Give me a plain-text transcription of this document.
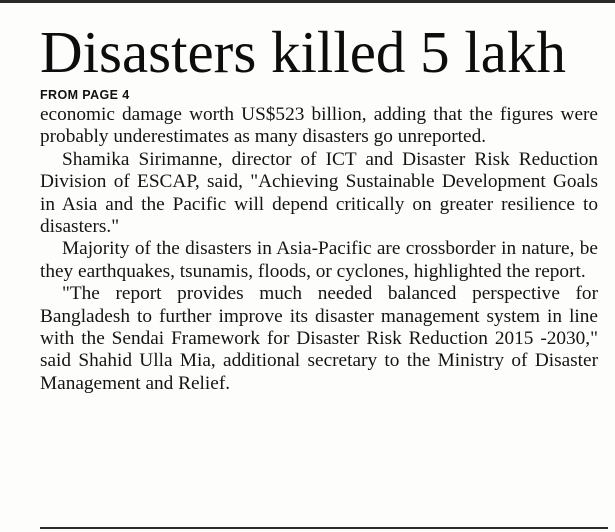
Disasters killed 5 lakh
FROM PAGE 4

economic damage worth US$523 billion, adding that the figures were probably underestimates as many disasters go unreported.

Shamika Sirimanne, director of ICT and Disaster Risk Reduction Division of ESCAP, said, "Achieving Sustainable Development Goals in Asia and the Pacific will depend critically on greater resilience to disasters."

Majority of the disasters in Asia-Pacific are crossborder in nature, be they earthquakes, tsunamis, floods, or cyclones, highlighted the report.

"The report provides much needed balanced perspective for Bangladesh to further improve its disaster management system in line with the Sendai Framework for Disaster Risk Reduction 2015 -2030," said Shahid Ulla Mia, additional secretary to the Ministry of Disaster Management and Relief.
